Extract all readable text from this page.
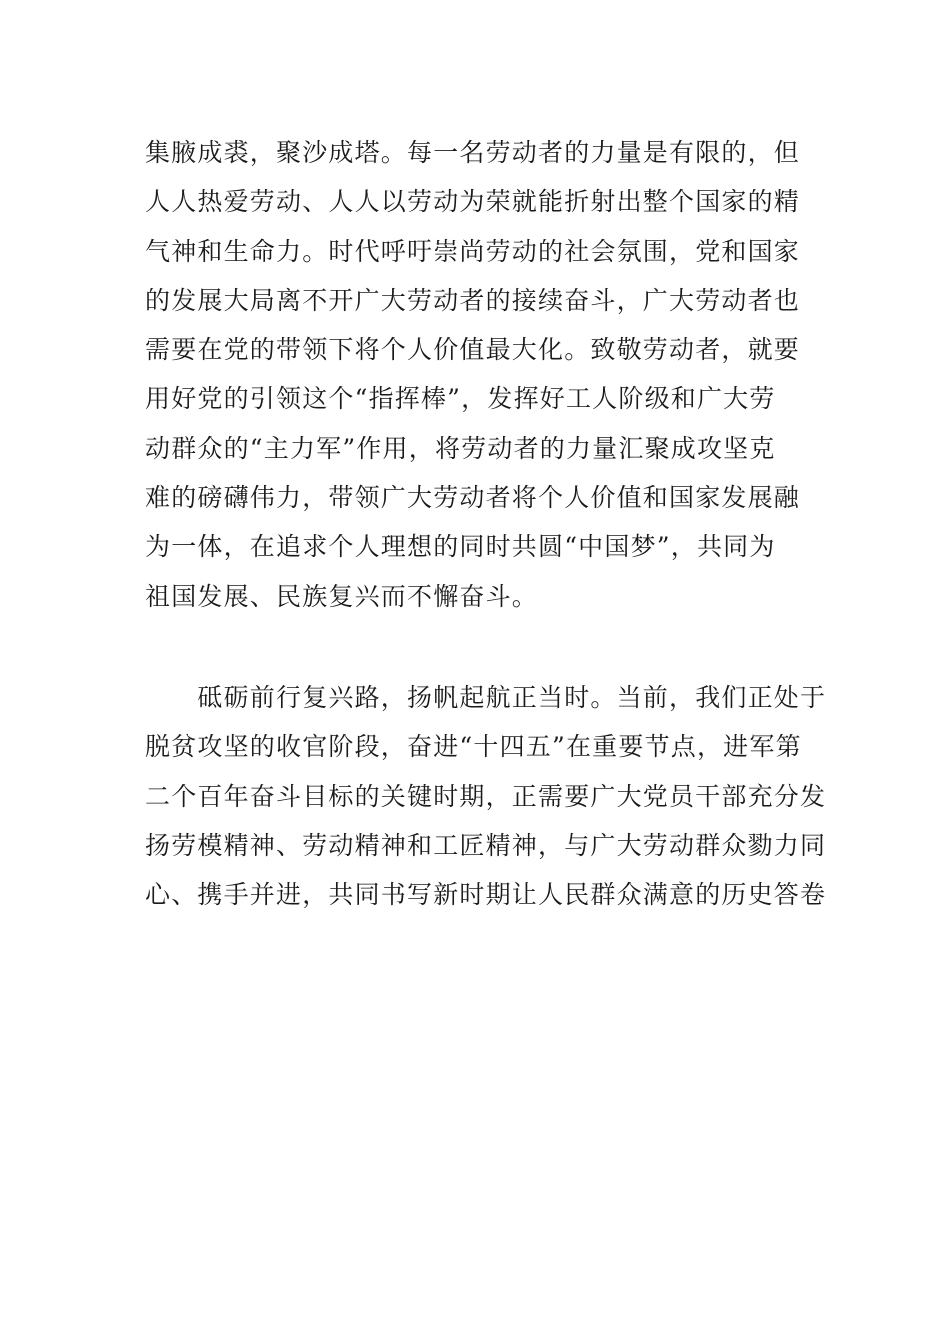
集腋成裘，聚沙成塔。每一名劳动者的力量是有限的，但
人人热爱劳动、人人以劳动为荣就能折射出整个国家的精
气神和生命力。时代呼吁崇尚劳动的社会氛围，党和国家
的发展大局离不开广大劳动者的接续奋斗，广大劳动者也
需要在党的带领下将个人价值最大化。致敬劳动者，就要
用好党的引领这个“指挥棒”，发挥好工人阶级和广大劳
动群众的“主力军”作用，将劳动者的力量汇聚成攻坚克
难的磅礴伟力，带领广大劳动者将个人价值和国家发展融
为一体，在追求个人理想的同时共圆“中国梦”，共同为
祖国发展、民族复兴而不懈奋斗。
　　砥砺前行复兴路，扬帆起航正当时。当前，我们正处于
脱贫攻坚的收官阶段，奋进“十四五”在重要节点，进军第
二个百年奋斗目标的关键时期，正需要广大党员干部充分发
扬劳模精神、劳动精神和工匠精神，与广大劳动群众勠力同
心、携手并进，共同书写新时期让人民群众满意的历史答卷
